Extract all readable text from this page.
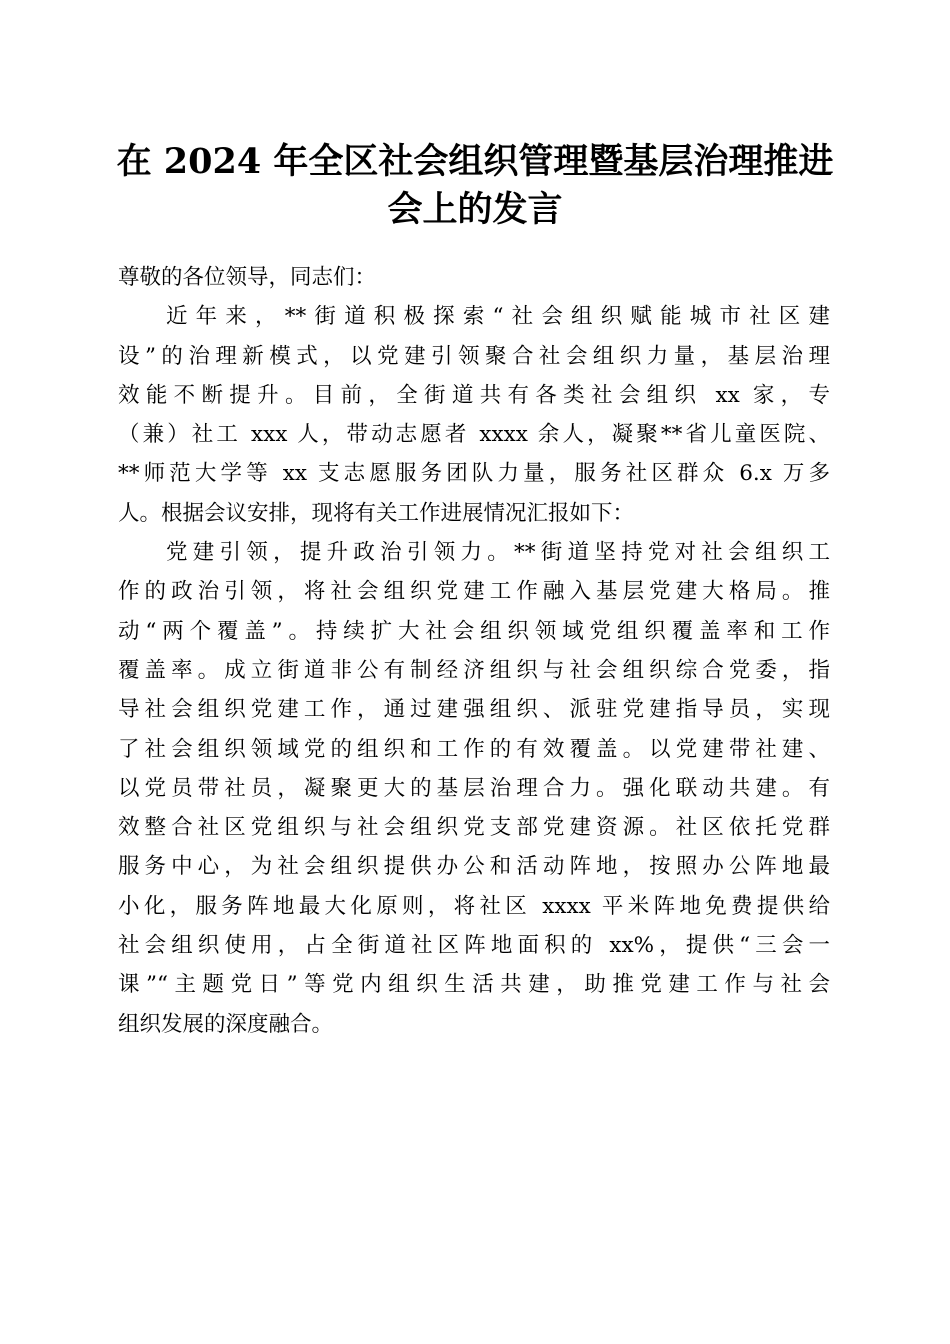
在 2024 年全区社会组织管理暨基层治理推进
会上的发言
尊敬的各位领导，同志们：
近年来，**街道积极探索“社会组织赋能城市社区建
设”的治理新模式，以党建引领聚合社会组织力量，基层治理
效能不断提升。目前，全街道共有各类社会组织 xx 家，专
（兼）社工 xxx 人，带动志愿者 xxxx 余人，凝聚**省儿童医院、
**师范大学等 xx 支志愿服务团队力量，服务社区群众 6.x 万多
人。根据会议安排，现将有关工作进展情况汇报如下：
党建引领，提升政治引领力。**街道坚持党对社会组织工
作的政治引领，将社会组织党建工作融入基层党建大格局。推
动“两个覆盖”。持续扩大社会组织领域党组织覆盖率和工作
覆盖率。成立街道非公有制经济组织与社会组织综合党委，指
导社会组织党建工作，通过建强组织、派驻党建指导员，实现
了社会组织领域党的组织和工作的有效覆盖。以党建带社建、
以党员带社员，凝聚更大的基层治理合力。强化联动共建。有
效整合社区党组织与社会组织党支部党建资源。社区依托党群
服务中心，为社会组织提供办公和活动阵地，按照办公阵地最
小化，服务阵地最大化原则，将社区 xxxx 平米阵地免费提供给
社会组织使用，占全街道社区阵地面积的 xx%，提供“三会一
课”“主题党日”等党内组织生活共建，助推党建工作与社会
组织发展的深度融合。
